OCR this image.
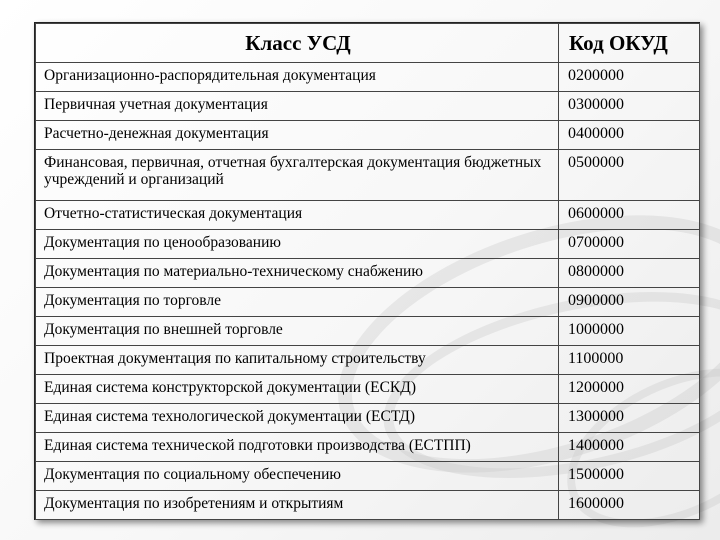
Класс УСД	Код ОКУД
Организационно-распорядительная документация	0200000
Первичная учетная документация	0300000
Расчетно-денежная документация	0400000
Финансовая, первичная, отчетная бухгалтерская документация бюджетных учреждений и организаций	0500000
Отчетно-статистическая документация	0600000
Документация по ценообразованию	0700000
Документация по материально-техническому снабжению	0800000
Документация по торговле	0900000
Документация по внешней торговле	1000000
Проектная документация по капитальному строительству	1100000
Единая система конструкторской документации (ЕСКД)	1200000
Единая система технологической документации (ЕСТД)	1300000
Единая система технической подготовки производства (ЕСТПП)	1400000
Документация по социальному обеспечению	1500000
Документация по изобретениям и открытиям	1600000
